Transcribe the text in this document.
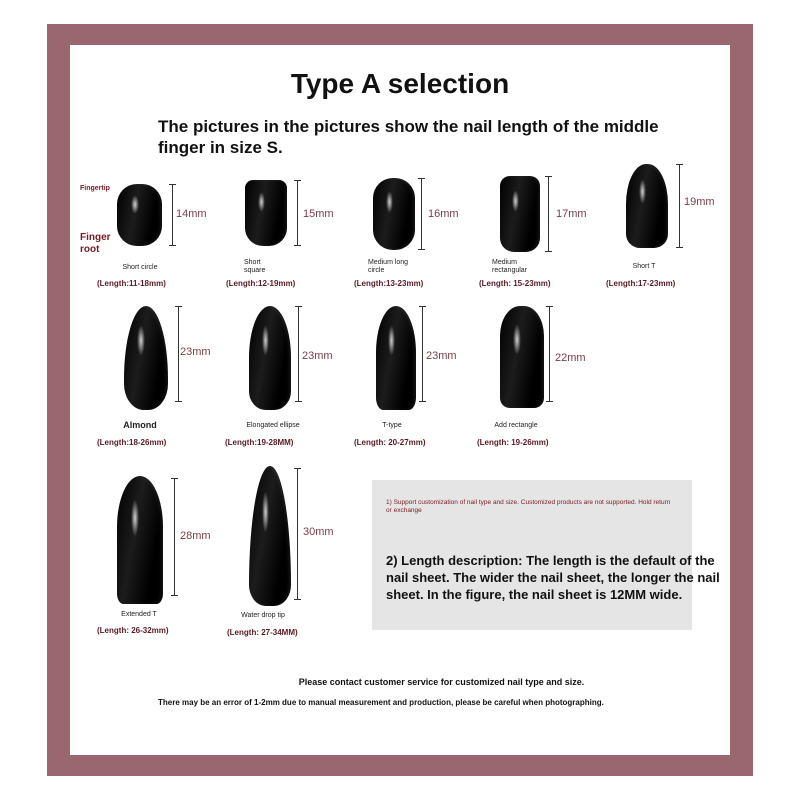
Type A selection
The pictures in the pictures show the nail length of the middle finger in size S.
Fingertip
Finger root
14mm
Short circle
(Length:11-18mm)
15mm
Short square
(Length:12-19mm)
16mm
Medium long circle
(Length:13-23mm)
17mm
Medium rectangular
(Length: 15-23mm)
19mm
Short T
(Length:17-23mm)
23mm
Almond
(Length:18-26mm)
23mm
Elongated ellipse
(Length:19-28MM)
23mm
T-type
(Length: 20-27mm)
22mm
Add rectangle
(Length: 19-26mm)
28mm
Extended T
(Length: 26-32mm)
30mm
Water drop tip
(Length: 27-34MM)
1) Support customization of nail type and size. Customized products are not supported. Hold return or exchange
2) Length description: The length is the default of the nail sheet. The wider the nail sheet, the longer the nail sheet. In the figure, the nail sheet is 12MM wide.
Please contact customer service for customized nail type and size.
There may be an error of 1-2mm due to manual measurement and production, please be careful when photographing.
